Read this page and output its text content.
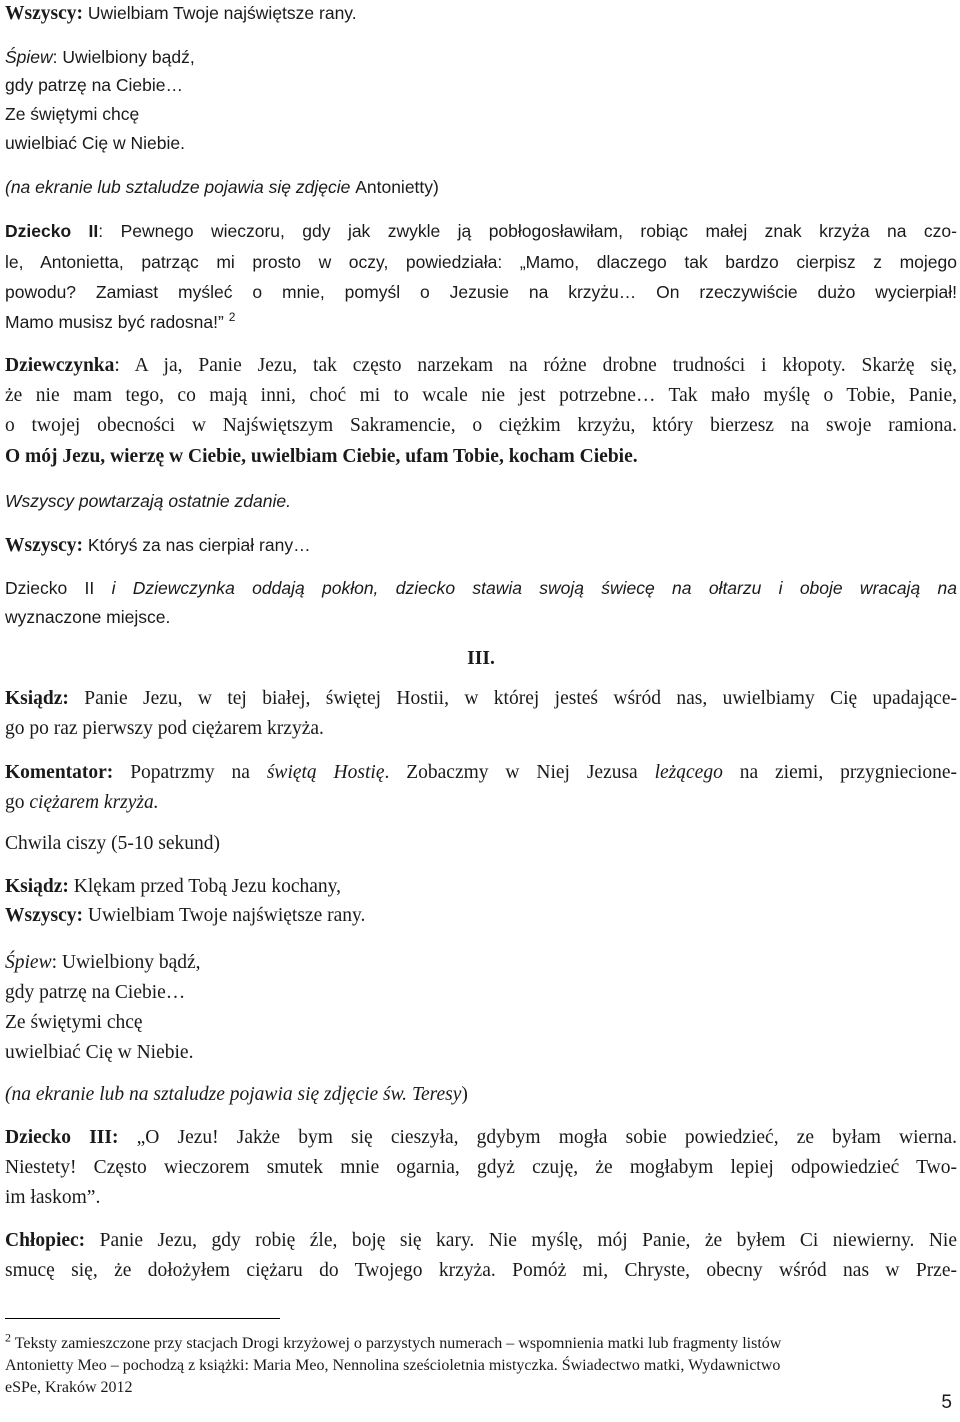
Wszyscy: Uwielbiam Twoje najświętsze rany.
Śpiew: Uwielbiony bądź,
gdy patrzę na Ciebie…
Ze świętymi chcę
uwielbiać Cię w Niebie.
(na ekranie lub sztaludze pojawia się zdjęcie Antonietty)
Dziecko II: Pewnego wieczoru, gdy jak zwykle ją pobłogosławiłam, robiąc małej znak krzyża na czo-
le, Antonietta, patrząc mi prosto w oczy, powiedziała: „Mamo, dlaczego tak bardzo cierpisz z mojego
powodu? Zamiast myśleć o mnie, pomyśl o Jezusie na krzyżu… On rzeczywiście dużo wycierpiał!
Mamo musisz być radosna!” $^2$
Dziewczynka: A ja, Panie Jezu, tak często narzekam na różne drobne trudności i kłopoty. Skarżę się,
że nie mam tego, co mają inni, choć mi to wcale nie jest potrzebne… Tak mało myślę o Tobie, Panie,
o twojej obecności w Najświętszym Sakramencie, o ciężkim krzyżu, który bierzesz na swoje ramiona.
O mój Jezu, wierzę w Ciebie, uwielbiam Ciebie, ufam Tobie, kocham Ciebie.
Wszyscy powtarzają ostatnie zdanie.
Wszyscy: Któryś za nas cierpiał rany…
Dziecko II i Dziewczynka oddają pokłon, dziecko stawia swoją świecę na ołtarzu i oboje wracają na
wyznaczone miejsce.
III.
Ksiądz: Panie Jezu, w tej białej, świętej Hostii, w której jesteś wśród nas, uwielbiamy Cię upadające-
go po raz pierwszy pod ciężarem krzyża.
Komentator: Popatrzmy na świętą Hostię. Zobaczmy w Niej Jezusa leżącego na ziemi, przygniecione-
go ciężarem krzyża.
Chwila ciszy (5-10 sekund)
Ksiądz: Klękam przed Tobą Jezu kochany,
Wszyscy: Uwielbiam Twoje najświętsze rany.
Śpiew: Uwielbiony bądź,
gdy patrzę na Ciebie…
Ze świętymi chcę
uwielbiać Cię w Niebie.
(na ekranie lub na sztaludze pojawia się zdjęcie św. Teresy)
Dziecko III: „O Jezu! Jakże bym się cieszyła, gdybym mogła sobie powiedzieć, ze byłam wierna.
Niestety! Często wieczorem smutek mnie ogarnia, gdyż czuję, że mogłabym lepiej odpowiedzieć Two-
im łaskom”.
Chłopiec: Panie Jezu, gdy robię źle, boję się kary. Nie myślę, mój Panie, że byłem Ci niewierny. Nie
smucę się, że dołożyłem ciężaru do Twojego krzyża. Pomóż mi, Chryste, obecny wśród nas w Prze-
$^2$ Teksty zamieszczone przy stacjach Drogi krzyżowej o parzystych numerach – wspomnienia matki lub fragmenty listów
Antonietty Meo – pochodzą z książki: Maria Meo, Nennolina sześcioletnia mistyczka. Świadectwo matki, Wydawnictwo
eSPe, Kraków 2012
5
